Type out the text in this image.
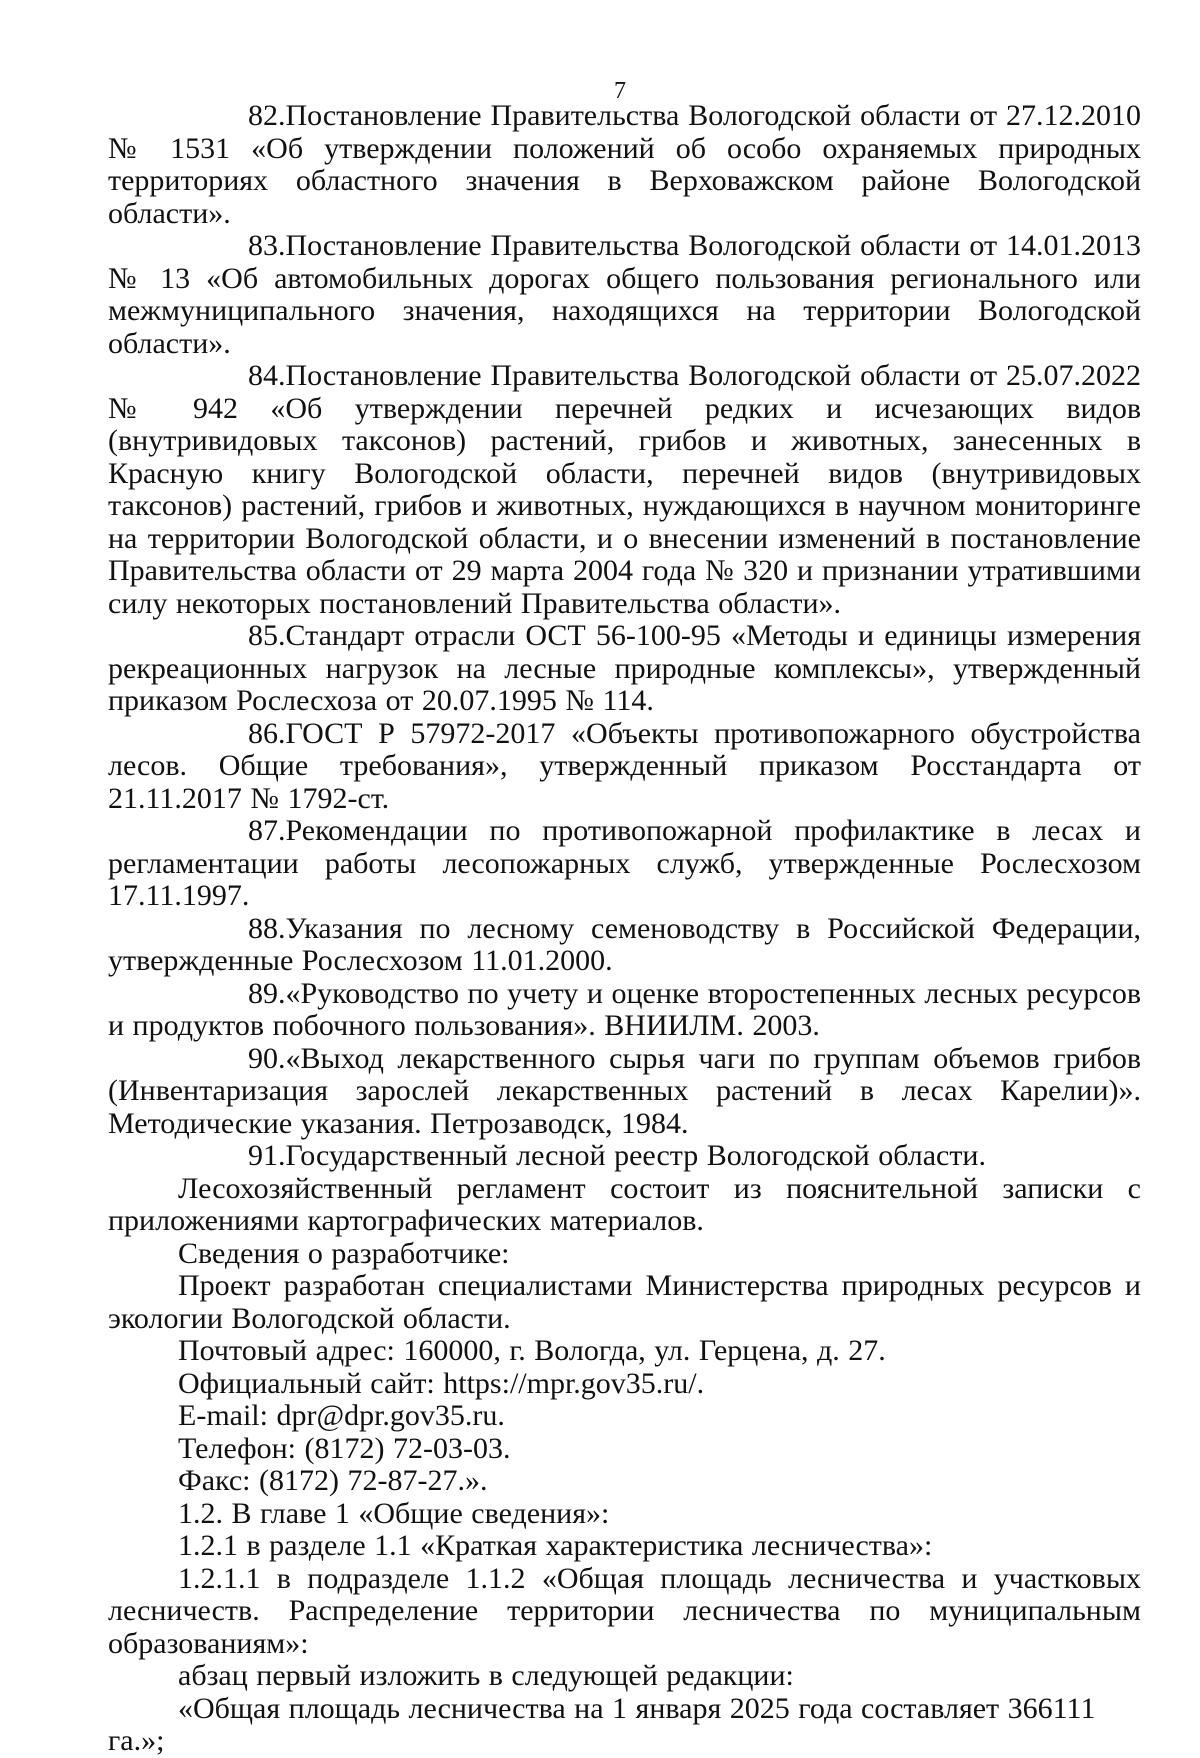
7

82.Постановление Правительства Вологодской области от 27.12.2010 № 1531 «Об утверждении положений об особо охраняемых природных территориях областного значения в Верховажском районе Вологодской области».

83.Постановление Правительства Вологодской области от 14.01.2013 № 13 «Об автомобильных дорогах общего пользования регионального или межмуниципального значения, находящихся на территории Вологодской области».

84.Постановление Правительства Вологодской области от 25.07.2022 № 942 «Об утверждении перечней редких и исчезающих видов (внутривидовых таксонов) растений, грибов и животных, занесенных в Красную книгу Вологодской области, перечней видов (внутривидовых таксонов) растений, грибов и животных, нуждающихся в научном мониторинге на территории Вологодской области, и о внесении изменений в постановление Правительства области от 29 марта 2004 года № 320 и признании утратившими силу некоторых постановлений Правительства области».

85.Стандарт отрасли ОСТ 56-100-95 «Методы и единицы измерения рекреационных нагрузок на лесные природные комплексы», утвержденный приказом Рослесхоза от 20.07.1995 № 114.

86.ГОСТ Р 57972-2017 «Объекты противопожарного обустройства лесов. Общие требования», утвержденный приказом Росстандарта от 21.11.2017 № 1792-ст.

87.Рекомендации по противопожарной профилактике в лесах и регламентации работы лесопожарных служб, утвержденные Рослесхозом 17.11.1997.

88.Указания по лесному семеноводству в Российской Федерации, утвержденные Рослесхозом 11.01.2000.

89.«Руководство по учету и оценке второстепенных лесных ресурсов и продуктов побочного пользования». ВНИИЛМ. 2003.

90.«Выход лекарственного сырья чаги по группам объемов грибов (Инвентаризация зарослей лекарственных растений в лесах Карелии)». Методические указания. Петрозаводск, 1984.

91.Государственный лесной реестр Вологодской области.

Лесохозяйственный регламент состоит из пояснительной записки с приложениями картографических материалов.

Сведения о разработчике:

Проект разработан специалистами Министерства природных ресурсов и экологии Вологодской области.

Почтовый адрес: 160000, г. Вологда, ул. Герцена, д. 27.

Официальный сайт: https://mpr.gov35.ru/.

E-mail: dpr@dpr.gov35.ru.

Телефон: (8172) 72-03-03.

Факс: (8172) 72-87-27.».

1.2. В главе 1 «Общие сведения»:

1.2.1 в разделе 1.1 «Краткая характеристика лесничества»:

1.2.1.1 в подразделе 1.1.2 «Общая площадь лесничества и участковых лесничеств. Распределение территории лесничества по муниципальным образованиям»:

абзац первый изложить в следующей редакции:

«Общая площадь лесничества на 1 января 2025 года составляет 366111 га.»;
